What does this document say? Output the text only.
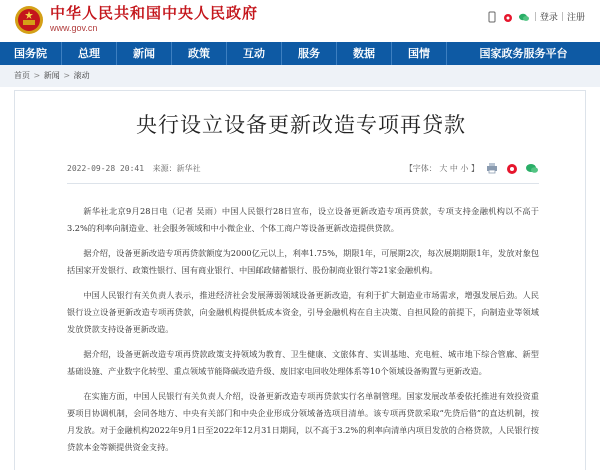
中华人民共和国中央人民政府
www.gov.cn
| 登录 | 注册
国务院	总理	新闻	政策	互动	服务	数据	国情	国家政务服务平台
首页 > 新闻 > 滚动
央行设立设备更新改造专项再贷款
2022-09-28 20:41 来源：新华社	【字体： 大 中 小 】

新华社北京9月28日电（记者 吴雨）中国人民银行28日宣布，设立设备更新改造专项再贷款，专项支持金融机构以不高于3.2%的利率向制造业、社会服务领域和中小微企业、个体工商户等设备更新改造提供贷款。

据介绍，设备更新改造专项再贷款额度为2000亿元以上，利率1.75%，期限1年，可展期2次，每次展期期限1年，发放对象包括国家开发银行、政策性银行、国有商业银行、中国邮政储蓄银行、股份制商业银行等21家金融机构。

中国人民银行有关负责人表示，推进经济社会发展薄弱领域设备更新改造，有利于扩大制造业市场需求，增强发展后劲。人民银行设立设备更新改造专项再贷款，向金融机构提供低成本资金，引导金融机构在自主决策、自担风险的前提下，向制造业等领域发放贷款支持设备更新改造。

据介绍，设备更新改造专项再贷款政策支持领域为教育、卫生健康、文旅体育、实训基地、充电桩、城市地下综合管廊、新型基础设施、产业数字化转型、重点领域节能降碳改造升级、废旧家电回收处理体系等10个领域设备购置与更新改造。

在实施方面，中国人民银行有关负责人介绍，设备更新改造专项再贷款实行名单制管理。国家发展改革委依托推进有效投资重要项目协调机制，会同各地方、中央有关部门和中央企业形成分领域备选项目清单。该专项再贷款采取“先贷后借”的直达机制，按月发放。对于金融机构2022年9月1日至2022年12月31日期间，以不高于3.2%的利率向清单内项目发放的合格贷款，人民银行按贷款本金等额提供资金支持。
